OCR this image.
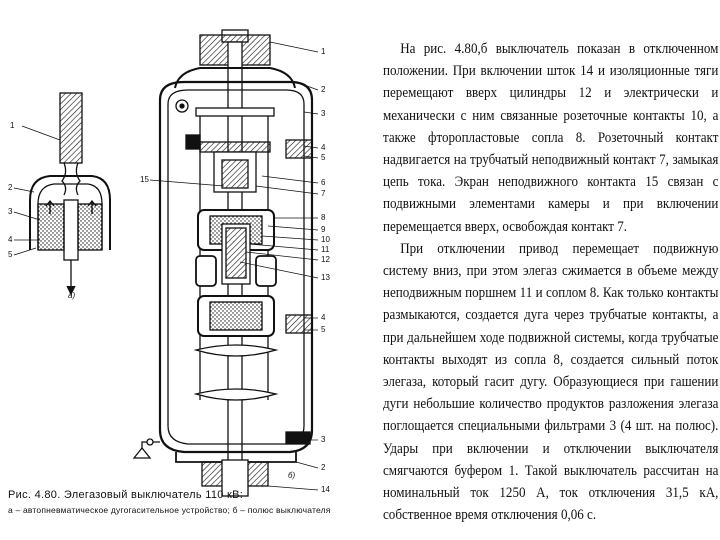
а)
б)
1
2
3
4
5
1
2
3
4
5
6
7
15
8
9
10
11
12
13
4
5
3
2
14
Рис. 4.80. Элегазовый выключатель 110 кВ:
а – автопневматическое дугогасительное устройство; б – полюс выключателя

На рис. 4.80,б выключатель показан в отключенном положении. При включении шток 14 и изоляционные тяги перемещают вверх цилиндры 12 и электрически и механически с ним связанные розеточные контакты 10, а также фторопластовые сопла 8. Розеточный контакт надвигается на трубчатый неподвижный контакт 7, замыкая цепь тока. Экран неподвижного контакта 15 связан с подвижными элементами камеры и при включении перемещается вверх, освобождая контакт 7.

При отключении привод перемещает подвижную систему вниз, при этом элегаз сжимается в объеме между неподвижным поршнем 11 и соплом 8. Как только контакты размыкаются, создается дуга через трубчатые контакты, а при дальнейшем ходе подвижной системы, когда трубчатые контакты выходят из сопла 8, создается сильный поток элегаза, который гасит дугу. Образующиеся при гашении дуги небольшие количество продуктов разложения элегаза поглощается специальными фильтрами 3 (4 шт. на полюс). Удары при включении и отключении выключателя смягчаются буфером 1. Такой выключатель рассчитан на номинальный ток 1250 А, ток отключения 31,5 кА, собственное время отключения 0,06 с.
